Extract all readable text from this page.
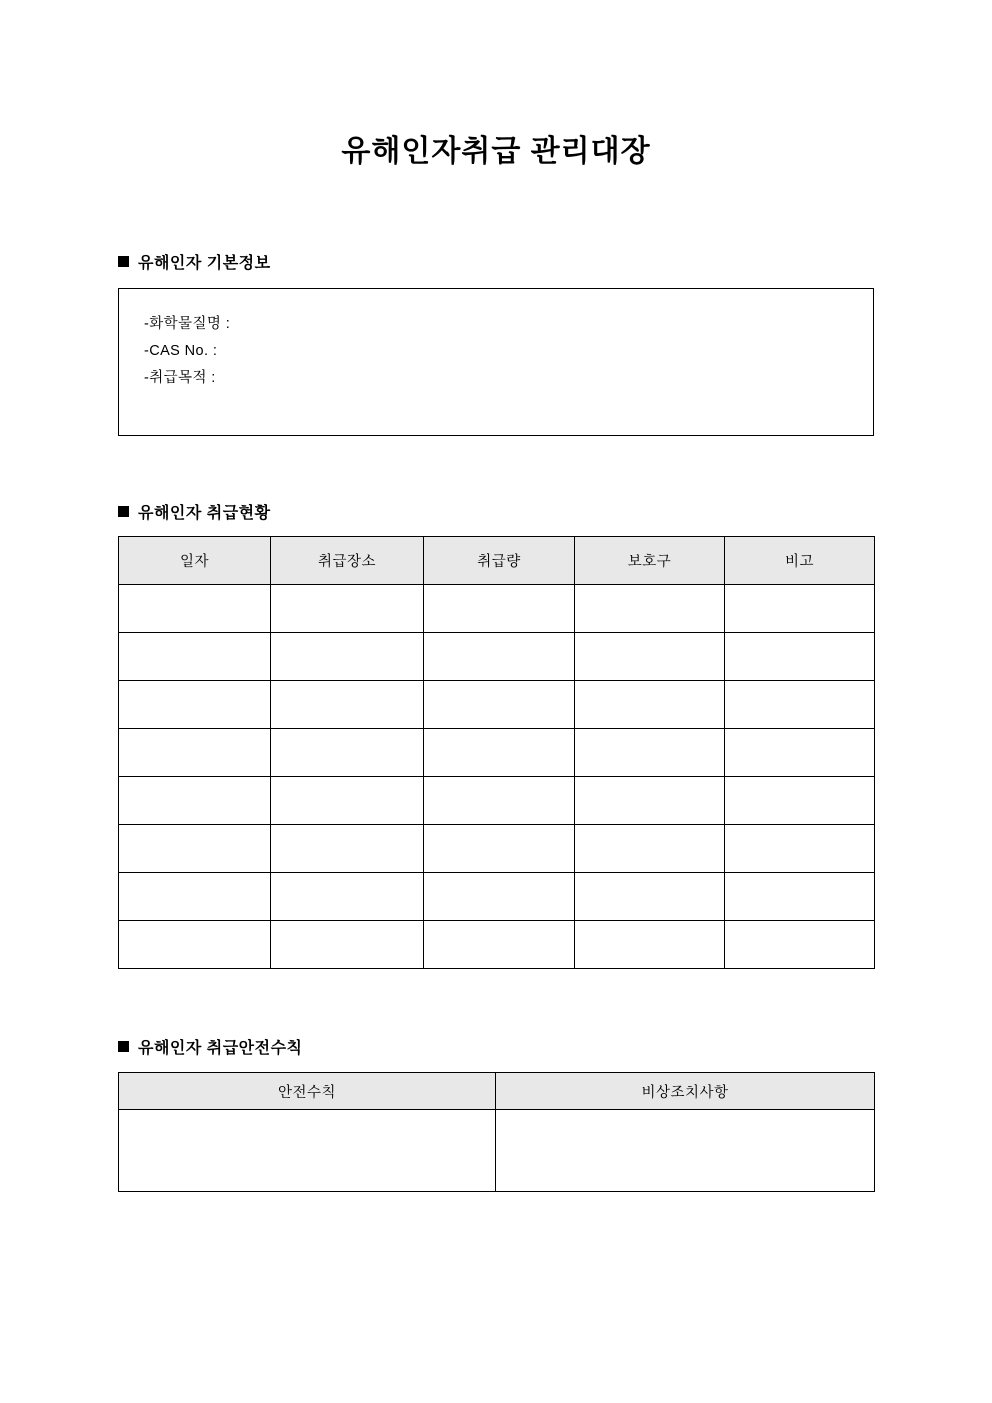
유해인자취급 관리대장
유해인자 기본정보
-화학물질명 :
-CAS No. :
-취급목적 :
유해인자 취급현황
일자	취급장소	취급량	보호구	비고

유해인자 취급안전수칙
안전수칙	비상조치사항
